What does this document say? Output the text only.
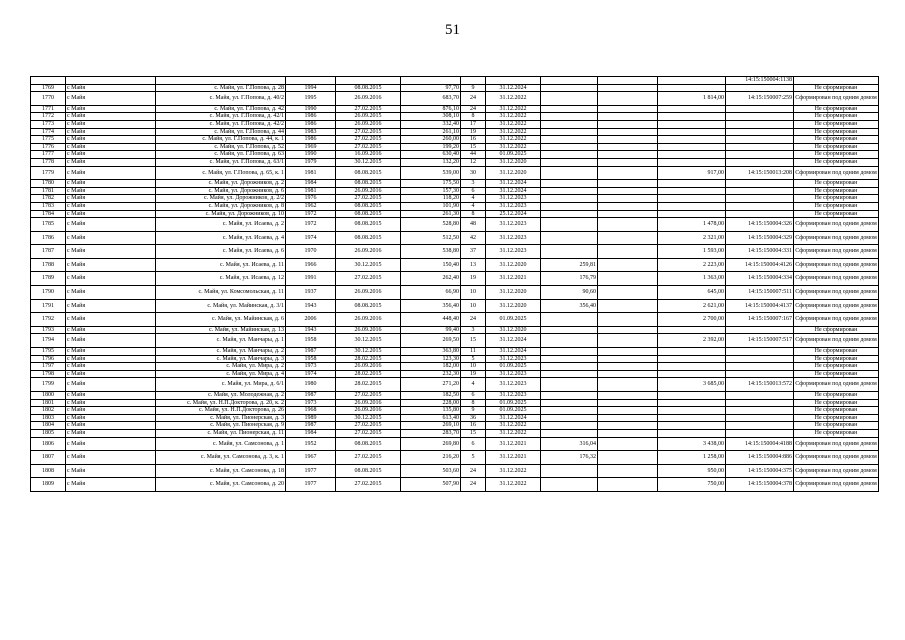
51
											14:15:150004:1138	
1769	с Майя	с. Майя, ул. Г.Попова, д. 28	1994	08.08.2015	97,70	9	31.12.2024					Не сформирован
1770	с Майя	с. Майя, ул. Г.Попова, д. 40/2	1995	26.09.2016	683,70	24	31.12.2022			1 814,00	14:15:150007:259	Сформирован под одним домом
1771	с Майя	с. Майя, ул. Г.Попова, д. 42	1990	27.02.2015	876,10	24	31.12.2022					Не сформирован
1772	с Майя	с. Майя, ул. Г.Попова, д. 42/1	1986	26.09.2015	308,10	8	31.12.2022					Не сформирован
1773	с Майя	с. Майя, ул. Г.Попова, д. 42/2	1986	26.09.2016	332,40	17	31.12.2022					Не сформирован
1774	с Майя	с. Майя, ул. Г.Попова, д. 44	1983	27.02.2015	261,10	19	31.12.2022					Не сформирован
1775	с Майя	с. Майя, ул. Г.Попова, д. 44, к. 1	1986	27.02.2015	260,00	16	31.12.2022					Не сформирован
1776	с Майя	с. Майя, ул. Г.Попова, д. 52	1969	27.02.2015	199,20	15	31.12.2022					Не сформирован
1777	с Майя	с. Майя, ул. Г.Попова, д. 63	1990	16.09.2016	630,40	44	01.09.2025					Не сформирован
1778	с Майя	с. Майя, ул. Г.Попова, д. 63/1	1979	30.12.2015	132,20	12	31.12.2020					Не сформирован
1779	с Майя	с. Майя, ул. Г.Попова, д. 65, к. 1	1981	08.08.2015	539,00	30	31.12.2020			917,00	14:15:150013:208	Сформирован под одним домом
1780	с Майя	с. Майя, ул. Дорожников, д. 2	1984	08.08.2015	175,50	3	31.12.2024					Не сформирован
1781	с Майя	с. Майя, ул. Дорожников, д. 6	1981	26.09.2016	157,30	6	31.12.2024					Не сформирован
1782	с Майя	с. Майя, ул. Дорожников, д. 2/2	1976	27.02.2015	118,20	4	31.12.2023					Не сформирован
1783	с Майя	с. Майя, ул. Дорожников, д. 8	1962	08.08.2015	101,90	4	31.12.2023					Не сформирован
1784	с Майя	с. Майя, ул. Дорожников, д. 10	1972	08.08.2015	261,30	8	25.12.2024					Не сформирован
1785	с Майя	с. Майя, ул. Исаева, д. 2	1972	08.08.2015	528,80	48	31.12.2023			1 478,00	14:15:150004:326	Сформирован под одним домом
1786	с Майя	с. Майя, ул. Исаева, д. 4	1974	08.08.2015	512,50	42	31.12.2023			2 321,00	14:15:150004:329	Сформирован под одним домом
1787	с Майя	с. Майя, ул. Исаева, д. 6	1970	26.09.2016	538,80	37	31.12.2023			1 593,00	14:15:150004:331	Сформирован под одним домом
1788	с Майя	с. Майя, ул. Исаева, д. 11	1966	30.12.2015	150,40	13	31.12.2020	259,81		2 223,00	14:15:150004:4126	Сформирован под одним домом
1789	с Майя	с. Майя, ул. Исаева, д. 12	1991	27.02.2015	262,40	19	31.12.2021	176,79		1 363,00	14:15:150004:334	Сформирован под одним домом
1790	с Майя	с. Майя, ул. Комсомольская, д. 11	1937	26.09.2016	66,90	10	31.12.2020	90,60		645,00	14:15:150007:511	Сформирован под одним домом
1791	с Майя	с. Майя, ул. Майинская, д. 3/1	1943	08.08.2015	356,40	10	31.12.2020	356,40		2 621,00	14:15:150004:4137	Сформирован под одним домом
1792	с Майя	с. Майя, ул. Майинская, д. 6	2006	26.09.2016	448,40	24	01.09.2025			2 700,00	14:15:150007:167	Сформирован под одним домом
1793	с Майя	с. Майя, ул. Майинская, д. 13	1943	26.09.2016	99,40	3	31.12.2020					Не сформирован
1794	с Майя	с. Майя, ул. Манчары, д. 1	1958	30.12.2015	269,50	15	31.12.2024			2 392,00	14:15:150007:517	Сформирован под одним домом
1795	с Майя	с. Майя, ул. Манчары, д. 2	1987	30.12.2015	363,80	11	31.12.2024					Не сформирован
1796	с Майя	с. Майя, ул. Манчары, д. 3	1958	28.02.2015	123,30	5	31.12.2023					Не сформирован
1797	с Майя	с. Майя, ул. Мира, д. 2	1973	26.09.2016	182,00	10	01.09.2025					Не сформирован
1798	с Майя	с. Майя, ул. Мира, д. 4	1974	28.02.2015	232,30	19	31.12.2023					Не сформирован
1799	с Майя	с. Майя, ул. Мира, д. 6/1	1980	28.02.2015	271,20	4	31.12.2023			3 685,00	14:15:150013:572	Сформирован под одним домом
1800	с Майя	с. Майя, ул. Молодежная, д. 2	1987	27.02.2015	182,50	6	31.12.2023					Не сформирован
1801	с Майя	с. Майя, ул. Н.П.Докторова, д. 20, к. 2	1973	26.09.2016	228,00	8	01.09.2025					Не сформирован
1802	с Майя	с. Майя, ул. Н.П.Докторова, д. 26	1968	26.09.2016	135,80	9	01.09.2025					Не сформирован
1803	с Майя	с. Майя, ул. Пионерская, д. 3	1989	30.12.2015	613,40	36	31.12.2024					Не сформирован
1804	с Майя	с. Майя, ул. Пионерская, д. 9	1987	27.02.2015	269,10	16	31.12.2022					Не сформирован
1805	с Майя	с. Майя, ул. Пионерская, д. 11	1984	27.02.2015	283,70	15	31.12.2022					Не сформирован
1806	с Майя	с. Майя, ул. Самсонова, д. 1	1952	08.08.2015	269,80	6	31.12.2021	316,04		3 438,00	14:15:150004:4188	Сформирован под одним домом
1807	с Майя	с. Майя, ул. Самсонова, д. 3, к. 1	1967	27.02.2015	216,20	5	31.12.2021	176,32		1 258,00	14:15:150004:886	Сформирован под одним домом
1808	с Майя	с. Майя, ул. Самсонова, д. 18	1977	08.08.2015	503,60	24	31.12.2022			950,00	14:15:150004:375	Сформирован под одним домом
1809	с Майя	с. Майя, ул. Самсонова, д. 20	1977	27.02.2015	507,90	24	31.12.2022			750,00	14:15:150004:378	Сформирован под одним домом
